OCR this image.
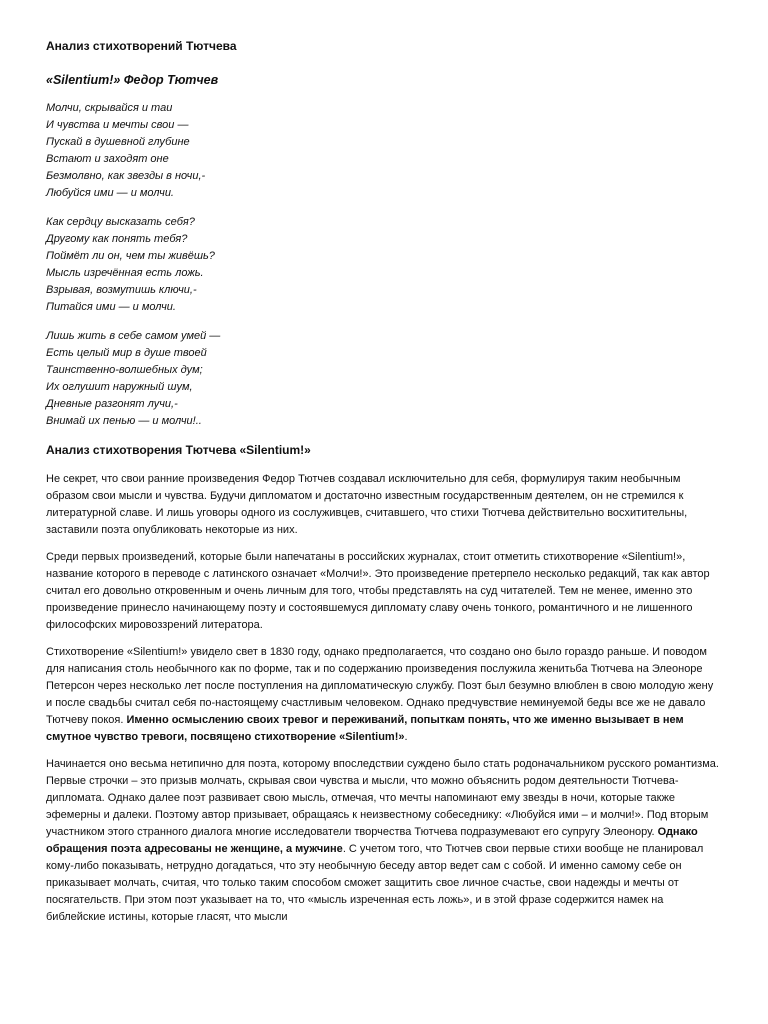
Анализ стихотворений Тютчева
«Silentium!» Федор Тютчев
Молчи, скрывайся и таи
И чувства и мечты свои —
Пускай в душевной глубине
Встают и заходят оне
Безмолвно, как звезды в ночи,-
Любуйся ими — и молчи.
Как сердцу высказать себя?
Другому как понять тебя?
Поймёт ли он, чем ты живёшь?
Мысль изречённая есть ложь.
Взрывая, возмутишь ключи,-
Питайся ими — и молчи.
Лишь жить в себе самом умей —
Есть целый мир в душе твоей
Таинственно-волшебных дум;
Их оглушит наружный шум,
Дневные разгонят лучи,-
Внимай их пенью — и молчи!..
Анализ стихотворения Тютчева «Silentium!»

Не секрет, что свои ранние произведения Федор Тютчев создавал исключительно для себя, формулируя таким необычным образом свои мысли и чувства. Будучи дипломатом и достаточно известным государственным деятелем, он не стремился к литературной славе. И лишь уговоры одного из сослуживцев, считавшего, что стихи Тютчева действительно восхитительны, заставили поэта опубликовать некоторые из них.

Среди первых произведений, которые были напечатаны в российских журналах, стоит отметить стихотворение «Silentium!», название которого в переводе с латинского означает «Молчи!». Это произведение претерпело несколько редакций, так как автор считал его довольно откровенным и очень личным для того, чтобы представлять на суд читателей. Тем не менее, именно это произведение принесло начинающему поэту и состоявшемуся дипломату славу очень тонкого, романтичного и не лишенного философских мировоззрений литератора.

Стихотворение «Silentium!» увидело свет в 1830 году, однако предполагается, что создано оно было гораздо раньше. И поводом для написания столь необычного как по форме, так и по содержанию произведения послужила женитьба Тютчева на Элеоноре Петерсон через несколько лет после поступления на дипломатическую службу. Поэт был безумно влюблен в свою молодую жену и после свадьбы считал себя по-настоящему счастливым человеком. Однако предчувствие неминуемой беды все же не давало Тютчеву покоя. Именно осмыслению своих тревог и переживаний, попыткам понять, что же именно вызывает в нем смутное чувство тревоги, посвящено стихотворение «Silentium!».

Начинается оно весьма нетипично для поэта, которому впоследствии суждено было стать родоначальником русского романтизма. Первые строчки – это призыв молчать, скрывая свои чувства и мысли, что можно объяснить родом деятельности Тютчева-дипломата. Однако далее поэт развивает свою мысль, отмечая, что мечты напоминают ему звезды в ночи, которые также эфемерны и далеки. Поэтому автор призывает, обращаясь к неизвестному собеседнику: «Любуйся ими – и молчи!». Под вторым участником этого странного диалога многие исследователи творчества Тютчева подразумевают его супругу Элеонору. Однако обращения поэта адресованы не женщине, а мужчине. С учетом того, что Тютчев свои первые стихи вообще не планировал кому-либо показывать, нетрудно догадаться, что эту необычную беседу автор ведет сам с собой. И именно самому себе он приказывает молчать, считая, что только таким способом сможет защитить свое личное счастье, свои надежды и мечты от посягательств. При этом поэт указывает на то, что «мысль изреченная есть ложь», и в этой фразе содержится намек на библейские истины, которые гласят, что мысли
